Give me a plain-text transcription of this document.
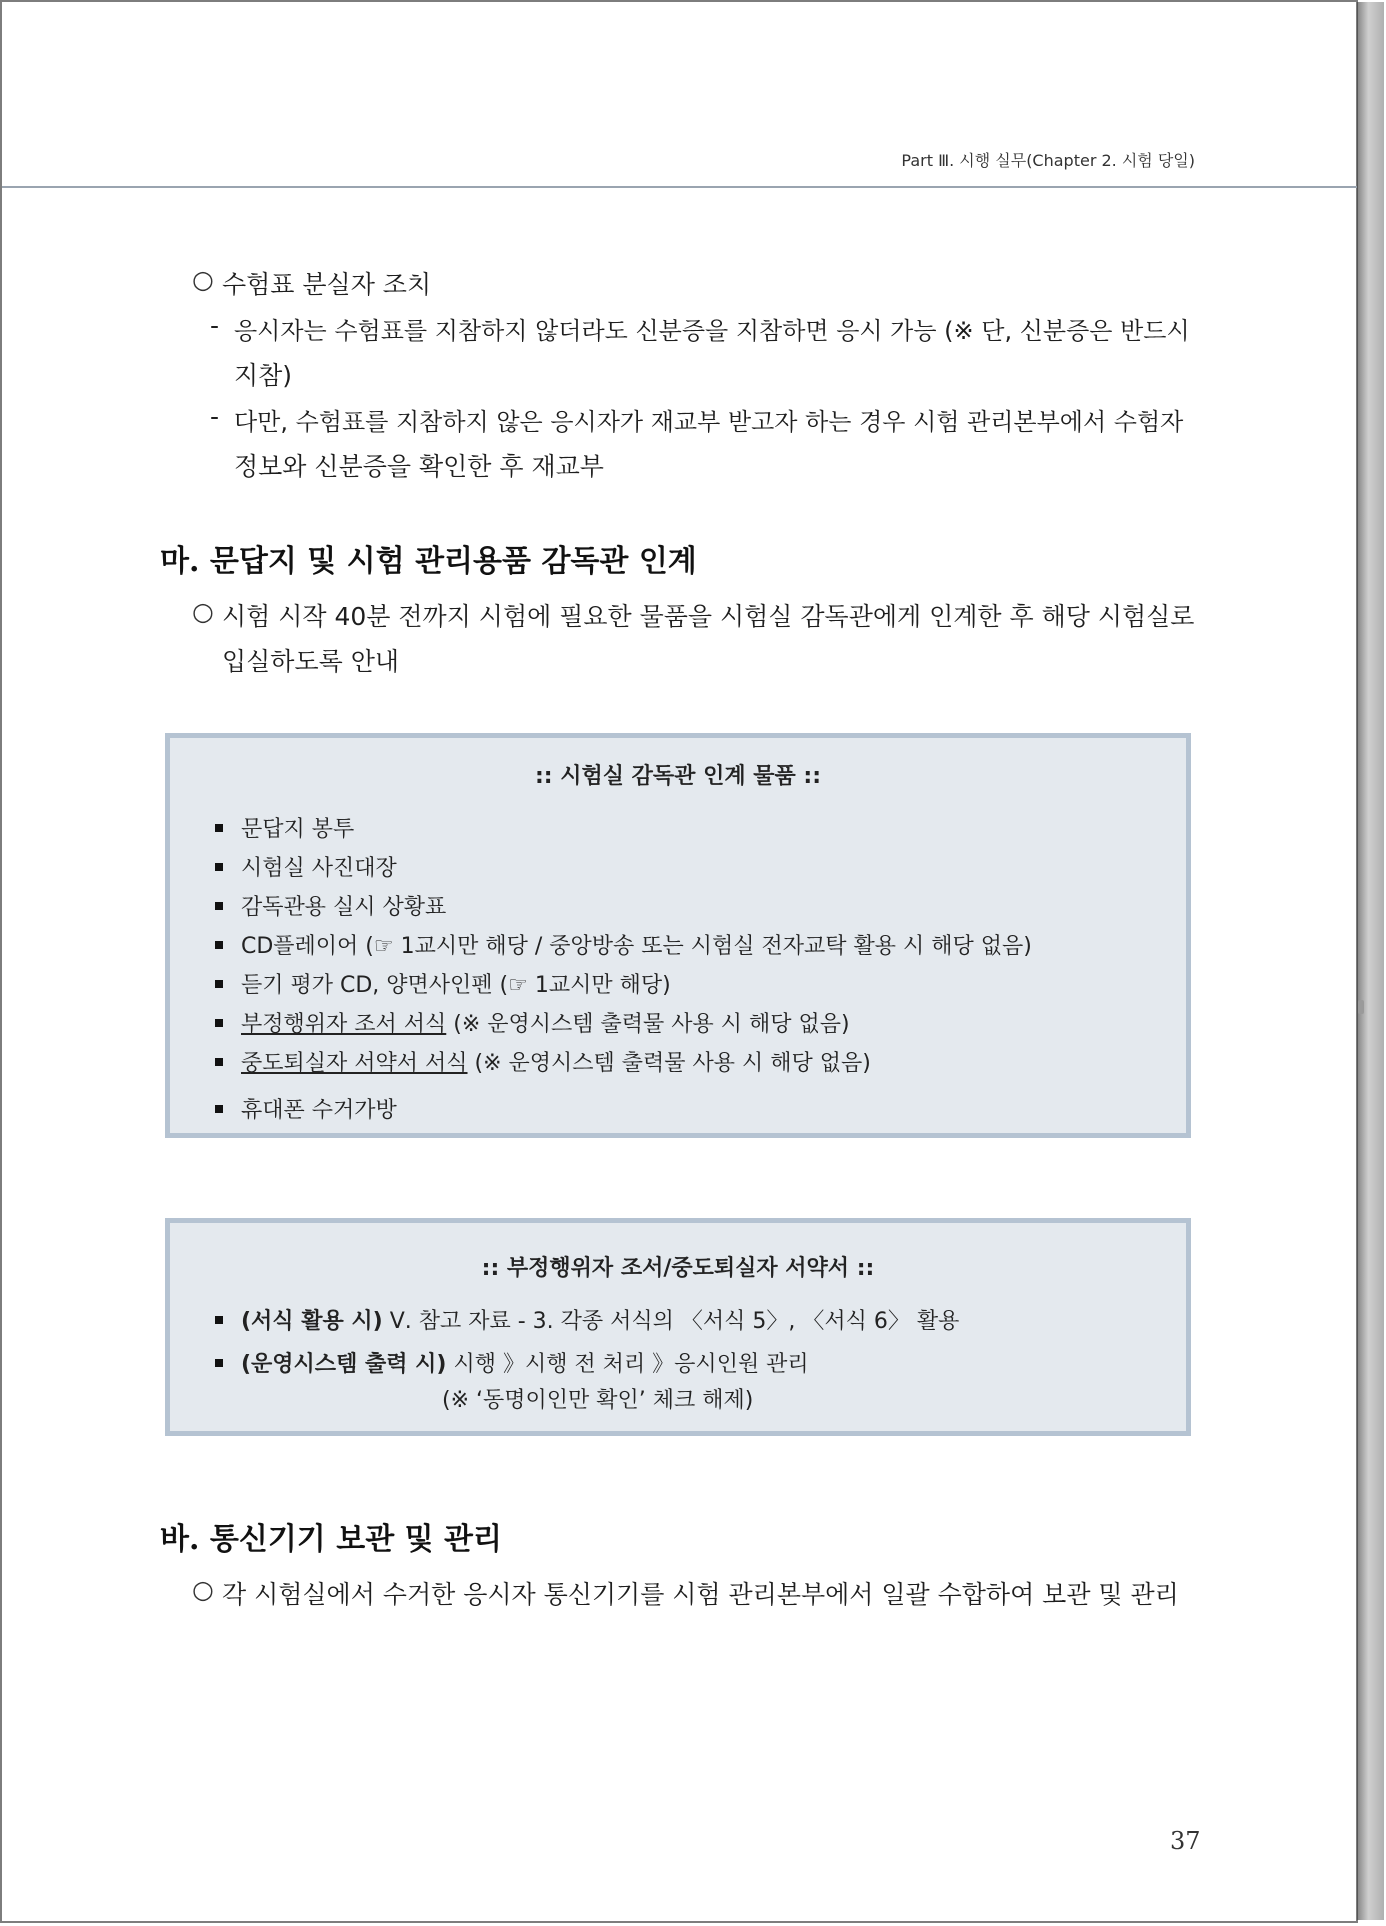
Part Ⅲ. 시행 실무(Chapter 2. 시험 당일)
○ 수험표 분실자 조치
- 응시자는 수험표를 지참하지 않더라도 신분증을 지참하면 응시 가능 (※ 단, 신분증은 반드시
지참)
- 다만, 수험표를 지참하지 않은 응시자가 재교부 받고자 하는 경우 시험 관리본부에서 수험자
정보와 신분증을 확인한 후 재교부
마. 문답지 및 시험 관리용품 감독관 인계
○ 시험 시작 40분 전까지 시험에 필요한 물품을 시험실 감독관에게 인계한 후 해당 시험실로
입실하도록 안내
:: 시험실 감독관 인계 물품 ::
문답지 봉투
시험실 사진대장
감독관용 실시 상황표
CD플레이어 (☞ 1교시만 해당 / 중앙방송 또는 시험실 전자교탁 활용 시 해당 없음)
듣기 평가 CD, 양면사인펜 (☞ 1교시만 해당)
부정행위자 조서 서식 (※ 운영시스템 출력물 사용 시 해당 없음)
중도퇴실자 서약서 서식 (※ 운영시스템 출력물 사용 시 해당 없음)
휴대폰 수거가방
:: 부정행위자 조서/중도퇴실자 서약서 ::
(서식 활용 시) Ⅴ. 참고 자료 - 3. 각종 서식의 〈서식 5〉, 〈서식 6〉 활용
(운영시스템 출력 시) 시행 》시행 전 처리 》응시인원 관리
(※ ‘동명이인만 확인’ 체크 해제)
바. 통신기기 보관 및 관리
○ 각 시험실에서 수거한 응시자 통신기기를 시험 관리본부에서 일괄 수합하여 보관 및 관리
37
